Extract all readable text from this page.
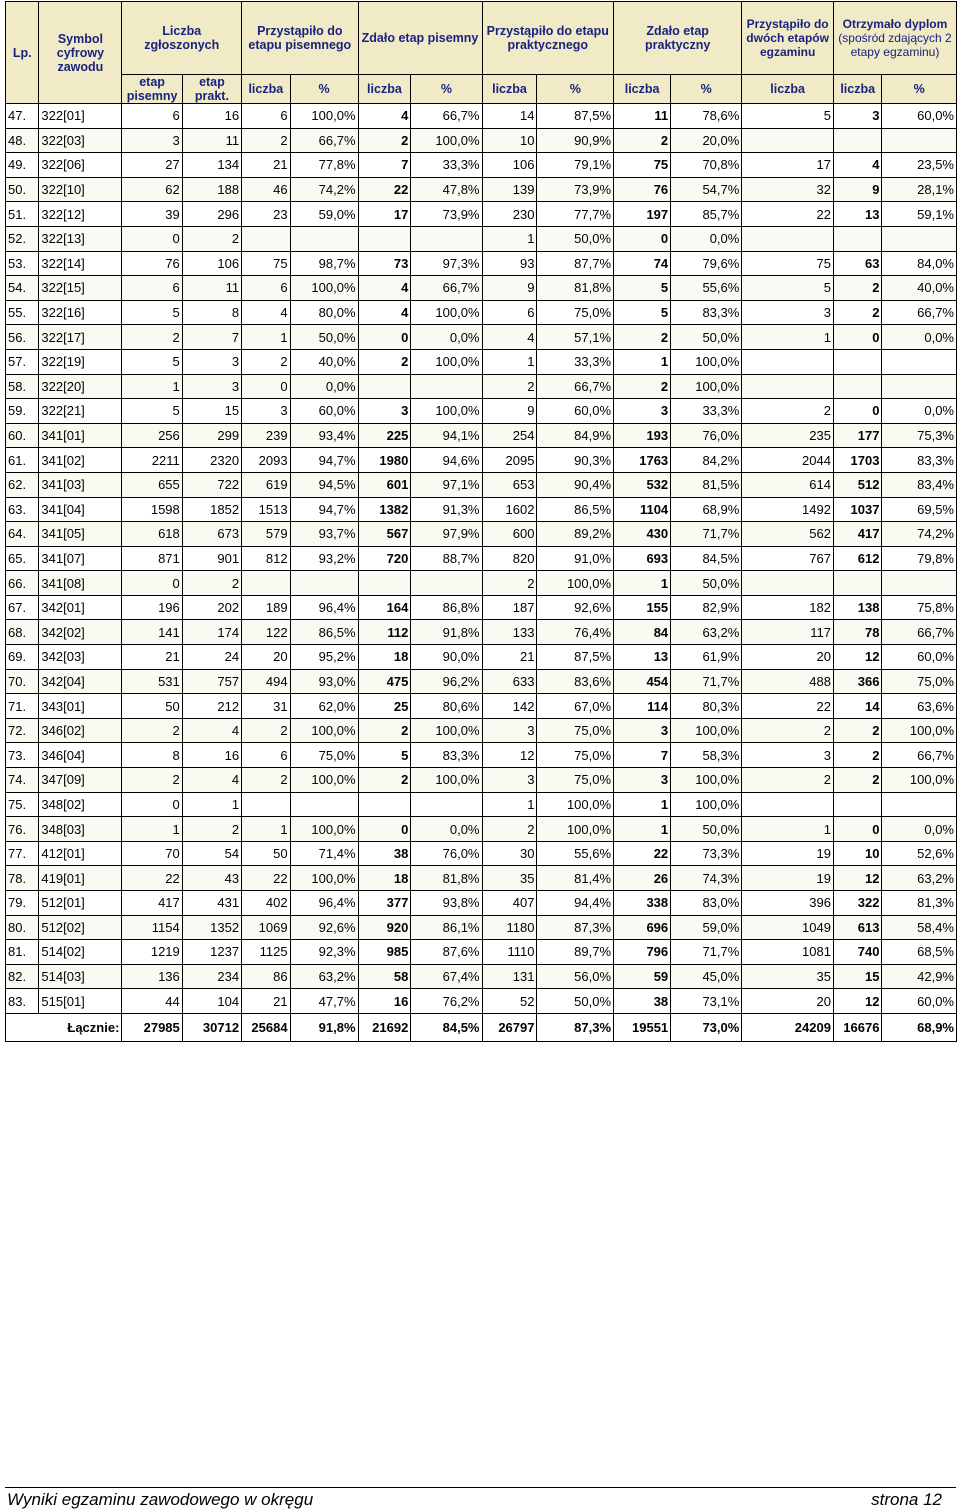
Lp.	Symbol cyfrowy zawodu	Liczba zgłoszonych		Przystąpiło do etapu pisemnego		Zdało etap pisemny		Przystąpiło do etapu praktycznego		Zdało etap praktyczny		Przystąpiło do dwóch etapów egzaminu	Otrzymało dyplom
(spośród zdających 2 etapy egzaminu)	
		etap pisemny	etap prakt.	liczba	%	liczba	%	liczba	%	liczba	%	liczba	liczba	%
47.	322[01]	6	16	6	100,0%	4	66,7%	14	87,5%	11	78,6%	5	3	60,0%
48.	322[03]	3	11	2	66,7%	2	100,0%	10	90,9%	2	20,0%			
49.	322[06]	27	134	21	77,8%	7	33,3%	106	79,1%	75	70,8%	17	4	23,5%
50.	322[10]	62	188	46	74,2%	22	47,8%	139	73,9%	76	54,7%	32	9	28,1%
51.	322[12]	39	296	23	59,0%	17	73,9%	230	77,7%	197	85,7%	22	13	59,1%
52.	322[13]	0	2					1	50,0%	0	0,0%			
53.	322[14]	76	106	75	98,7%	73	97,3%	93	87,7%	74	79,6%	75	63	84,0%
54.	322[15]	6	11	6	100,0%	4	66,7%	9	81,8%	5	55,6%	5	2	40,0%
55.	322[16]	5	8	4	80,0%	4	100,0%	6	75,0%	5	83,3%	3	2	66,7%
56.	322[17]	2	7	1	50,0%	0	0,0%	4	57,1%	2	50,0%	1	0	0,0%
57.	322[19]	5	3	2	40,0%	2	100,0%	1	33,3%	1	100,0%			
58.	322[20]	1	3	0	0,0%			2	66,7%	2	100,0%			
59.	322[21]	5	15	3	60,0%	3	100,0%	9	60,0%	3	33,3%	2	0	0,0%
60.	341[01]	256	299	239	93,4%	225	94,1%	254	84,9%	193	76,0%	235	177	75,3%
61.	341[02]	2211	2320	2093	94,7%	1980	94,6%	2095	90,3%	1763	84,2%	2044	1703	83,3%
62.	341[03]	655	722	619	94,5%	601	97,1%	653	90,4%	532	81,5%	614	512	83,4%
63.	341[04]	1598	1852	1513	94,7%	1382	91,3%	1602	86,5%	1104	68,9%	1492	1037	69,5%
64.	341[05]	618	673	579	93,7%	567	97,9%	600	89,2%	430	71,7%	562	417	74,2%
65.	341[07]	871	901	812	93,2%	720	88,7%	820	91,0%	693	84,5%	767	612	79,8%
66.	341[08]	0	2					2	100,0%	1	50,0%			
67.	342[01]	196	202	189	96,4%	164	86,8%	187	92,6%	155	82,9%	182	138	75,8%
68.	342[02]	141	174	122	86,5%	112	91,8%	133	76,4%	84	63,2%	117	78	66,7%
69.	342[03]	21	24	20	95,2%	18	90,0%	21	87,5%	13	61,9%	20	12	60,0%
70.	342[04]	531	757	494	93,0%	475	96,2%	633	83,6%	454	71,7%	488	366	75,0%
71.	343[01]	50	212	31	62,0%	25	80,6%	142	67,0%	114	80,3%	22	14	63,6%
72.	346[02]	2	4	2	100,0%	2	100,0%	3	75,0%	3	100,0%	2	2	100,0%
73.	346[04]	8	16	6	75,0%	5	83,3%	12	75,0%	7	58,3%	3	2	66,7%
74.	347[09]	2	4	2	100,0%	2	100,0%	3	75,0%	3	100,0%	2	2	100,0%
75.	348[02]	0	1					1	100,0%	1	100,0%			
76.	348[03]	1	2	1	100,0%	0	0,0%	2	100,0%	1	50,0%	1	0	0,0%
77.	412[01]	70	54	50	71,4%	38	76,0%	30	55,6%	22	73,3%	19	10	52,6%
78.	419[01]	22	43	22	100,0%	18	81,8%	35	81,4%	26	74,3%	19	12	63,2%
79.	512[01]	417	431	402	96,4%	377	93,8%	407	94,4%	338	83,0%	396	322	81,3%
80.	512[02]	1154	1352	1069	92,6%	920	86,1%	1180	87,3%	696	59,0%	1049	613	58,4%
81.	514[02]	1219	1237	1125	92,3%	985	87,6%	1110	89,7%	796	71,7%	1081	740	68,5%
82.	514[03]	136	234	86	63,2%	58	67,4%	131	56,0%	59	45,0%	35	15	42,9%
83.	515[01]	44	104	21	47,7%	16	76,2%	52	50,0%	38	73,1%	20	12	60,0%
Łącznie:		27985	30712	25684	91,8%	21692	84,5%	26797	87,3%	19551	73,0%	24209	16676	68,9%
Wyniki egzaminu zawodowego w okręgu	strona 12
